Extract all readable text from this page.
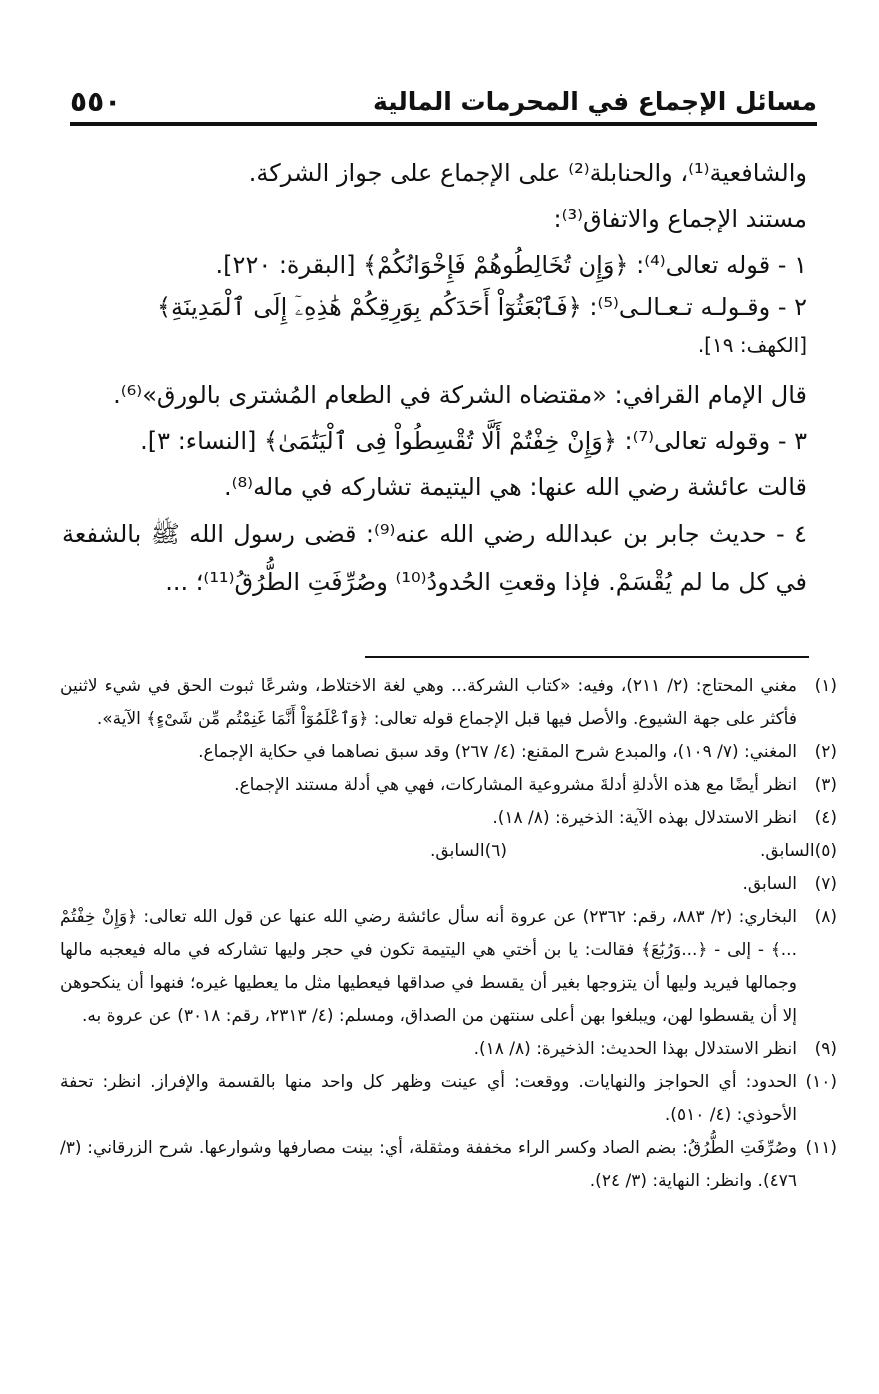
مسائل الإجماع في المحرمات المالية
٥٥٠

والشافعية⁽¹⁾، والحنابلة⁽²⁾ على الإجماع على جواز الشركة.

مستند الإجماع والاتفاق⁽³⁾:

١ - قوله تعالى⁽⁴⁾: ﴿وَإِن تُخَالِطُوهُمْ فَإِخْوَانُكُمْ﴾ [البقرة: ٢٢٠].

٢ - وقـولـه تـعـالـى⁽⁵⁾: ﴿فَٱبْعَثُوٓاْ أَحَدَكُم بِوَرِقِكُمْ هَٰذِهِۦٓ إِلَى ٱلْمَدِينَةِ﴾

[الكهف: ١٩].

قال الإمام القرافي: «مقتضاه الشركة في الطعام المُشترى بالورق»⁽⁶⁾.

٣ - وقوله تعالى⁽⁷⁾: ﴿وَإِنْ خِفْتُمْ أَلَّا تُقْسِطُواْ فِى ٱلْيَتَٰمَىٰ﴾ [النساء: ٣].

قالت عائشة رضي الله عنها: هي اليتيمة تشاركه في ماله⁽⁸⁾.

٤ - حديث جابر بن عبدالله رضي الله عنه⁽⁹⁾: قضى رسول الله ﷺ بالشفعة في كل ما لم يُقْسَمْ. فإذا وقعتِ الحُدودُ⁽¹⁰⁾ وصُرِّفَتِ الطُّرُقُ⁽¹¹⁾؛ ...

(١)
مغني المحتاج: (٢/ ٢١١)، وفيه: «كتاب الشركة... وهي لغة الاختلاط، وشرعًا ثبوت الحق في شيء لاثنين فأكثر على جهة الشيوع. والأصل فيها قبل الإجماع قوله تعالى: ﴿وَٱعْلَمُوٓاْ أَنَّمَا غَنِمْتُم مِّن شَىْءٍ﴾ الآية».
(٢)
المغني: (٧/ ١٠٩)، والمبدع شرح المقنع: (٤/ ٢٦٧) وقد سبق نصاهما في حكاية الإجماع.
(٣)
انظر أيضًا مع هذه الأدلةِ أدلةَ مشروعية المشاركات، فهي هي أدلة مستند الإجماع.
(٤)
انظر الاستدلال بهذه الآية: الذخيرة: (٨/ ١٨).
(٥)
السابق.
(٦)
السابق.
(٧)
السابق.
(٨)
البخاري: (٢/ ٨٨٣، رقم: ٢٣٦٢) عن عروة أنه سأل عائشة رضي الله عنها عن قول الله تعالى: ﴿وَإِنْ خِفْتُمْ ...﴾ - إلى - ﴿...وَرُبَٰعَ﴾ فقالت: يا بن أختي هي اليتيمة تكون في حجر وليها تشاركه في ماله فيعجبه مالها وجمالها فيريد وليها أن يتزوجها بغير أن يقسط في صداقها فيعطيها مثل ما يعطيها غيره؛ فنهوا أن ينكحوهن إلا أن يقسطوا لهن، ويبلغوا بهن أعلى سنتهن من الصداق، ومسلم: (٤/ ٢٣١٣، رقم: ٣٠١٨) عن عروة به.
(٩)
انظر الاستدلال بهذا الحديث: الذخيرة: (٨/ ١٨).
(١٠)
الحدود: أي الحواجز والنهايات. ووقعت: أي عينت وظهر كل واحد منها بالقسمة والإفراز. انظر: تحفة الأحوذي: (٤/ ٥١٠).
(١١)
وصُرِّفَتِ الطُّرُقُ: بضم الصاد وكسر الراء مخففة ومثقلة، أي: بينت مصارفها وشوارعها. شرح الزرقاني: (٣/ ٤٧٦). وانظر: النهاية: (٣/ ٢٤).
